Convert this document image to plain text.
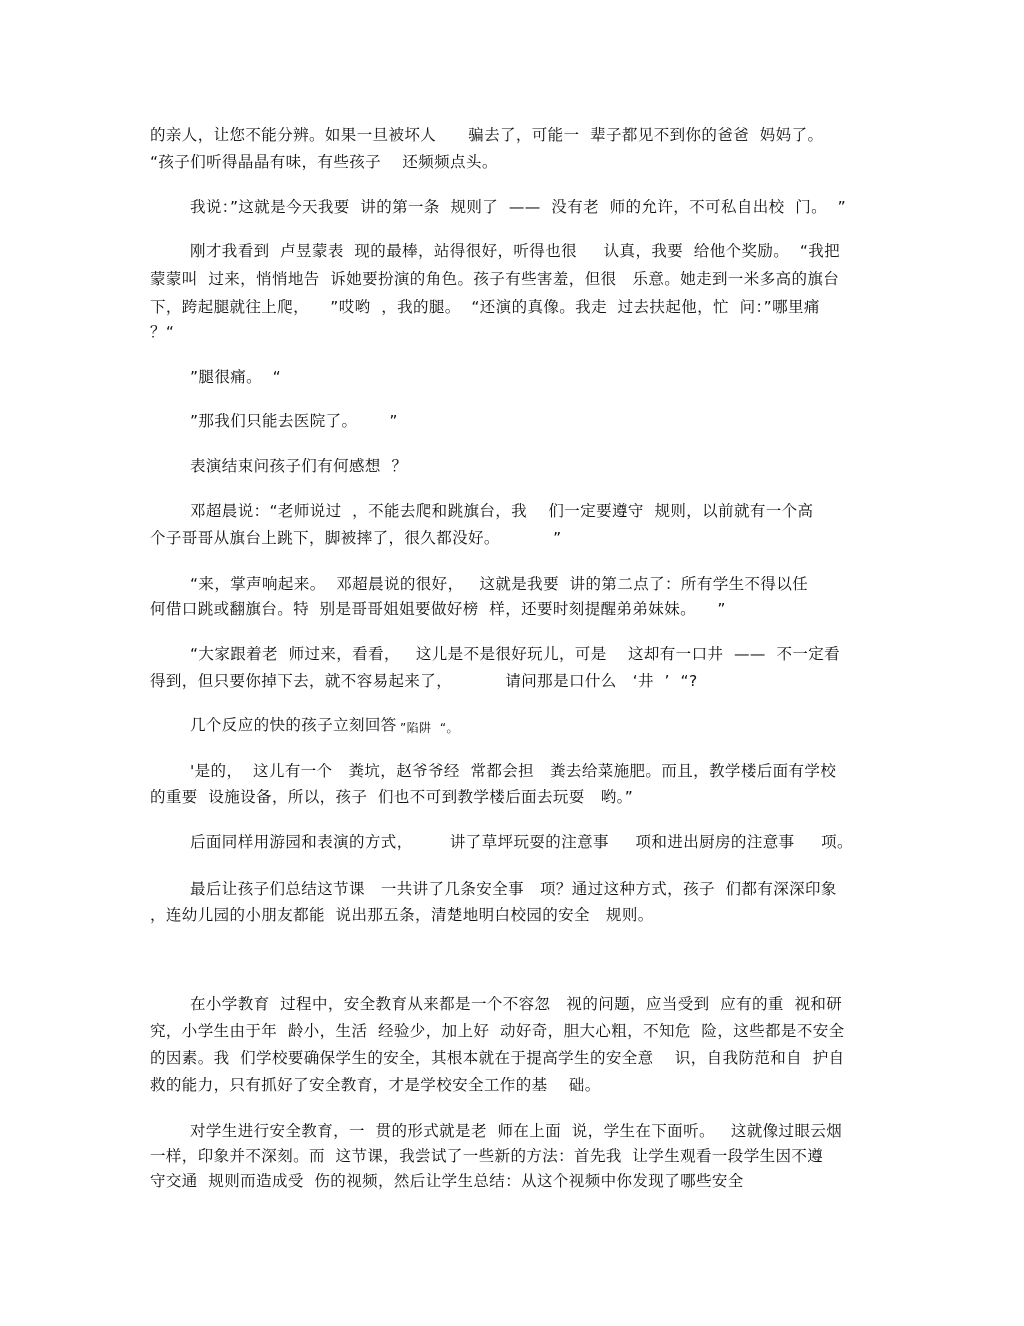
的亲人，让您不能分辨。如果一旦被坏人      骗去了，可能一  辈子都见不到你的爸爸  妈妈了。
“孩子们听得晶晶有味，有些孩子    还频频点头。
我说：”这就是今天我要  讲的第一条  规则了  ——  没有老  师的允许，不可私自出校  门。  ”
刚才我看到  卢昱蒙表  现的最棒，站得很好，听得也很     认真，我要  给他个奖励。  “我把
蒙蒙叫  过来，悄悄地告  诉她要扮演的角色。孩子有些害羞，但很   乐意。她走到一米多高的旗台
下，跨起腿就往上爬，    ”哎哟  ，我的腿。  “还演的真像。我走  过去扶起他，忙  问：”哪里痛
？“
”腿很痛。  “
”那我们只能去医院了。      ”
表演结束问孩子们有何感想  ？
邓超晨说：“老师说过  ，不能去爬和跳旗台，我    们一定要遵守  规则，以前就有一个高
个子哥哥从旗台上跳下，脚被摔了，很久都没好。          ”
“来，掌声响起来。  邓超晨说的很好，   这就是我要  讲的第二点了：所有学生不得以任
何借口跳或翻旗台。特  别是哥哥姐姐要做好榜  样，还要时刻提醒弟弟妹妹。    ”
“大家跟着老  师过来，看看，   这儿是不是很好玩儿，可是    这却有一口井  ——  不一定看
得到，但只要你掉下去，就不容易起来了，          请问那是口什么   ‘井  ’  “?
几个反应的快的孩子立刻回答 ”陷阱  “。
'是的，  这儿有一个   粪坑，赵爷爷经  常都会担   粪去给菜施肥。而且，教学楼后面有学校
的重要  设施设备，所以，孩子  们也不可到教学楼后面去玩耍   哟。”
后面同样用游园和表演的方式，       讲了草坪玩耍的注意事     项和进出厨房的注意事     项。
最后让孩子们总结这节课   一共讲了几条安全事   项？通过这种方式，孩子  们都有深深印象
，连幼儿园的小朋友都能  说出那五条，清楚地明白校园的安全   规则。
在小学教育  过程中，安全教育从来都是一个不容忽   视的问题，应当受到  应有的重  视和研
究，小学生由于年  龄小，生活  经验少，加上好  动好奇，胆大心粗，不知危  险，这些都是不安全
的因素。我  们学校要确保学生的安全，其根本就在于提高学生的安全意    识，自我防范和自  护自
救的能力，只有抓好了安全教育，才是学校安全工作的基    础。
对学生进行安全教育，一  贯的形式就是老  师在上面  说，学生在下面听。   这就像过眼云烟
一样，印象并不深刻。而  这节课，我尝试了一些新的方法：首先我  让学生观看一段学生因不遵
守交通  规则而造成受  伤的视频，然后让学生总结：从这个视频中你发现了哪些安全
